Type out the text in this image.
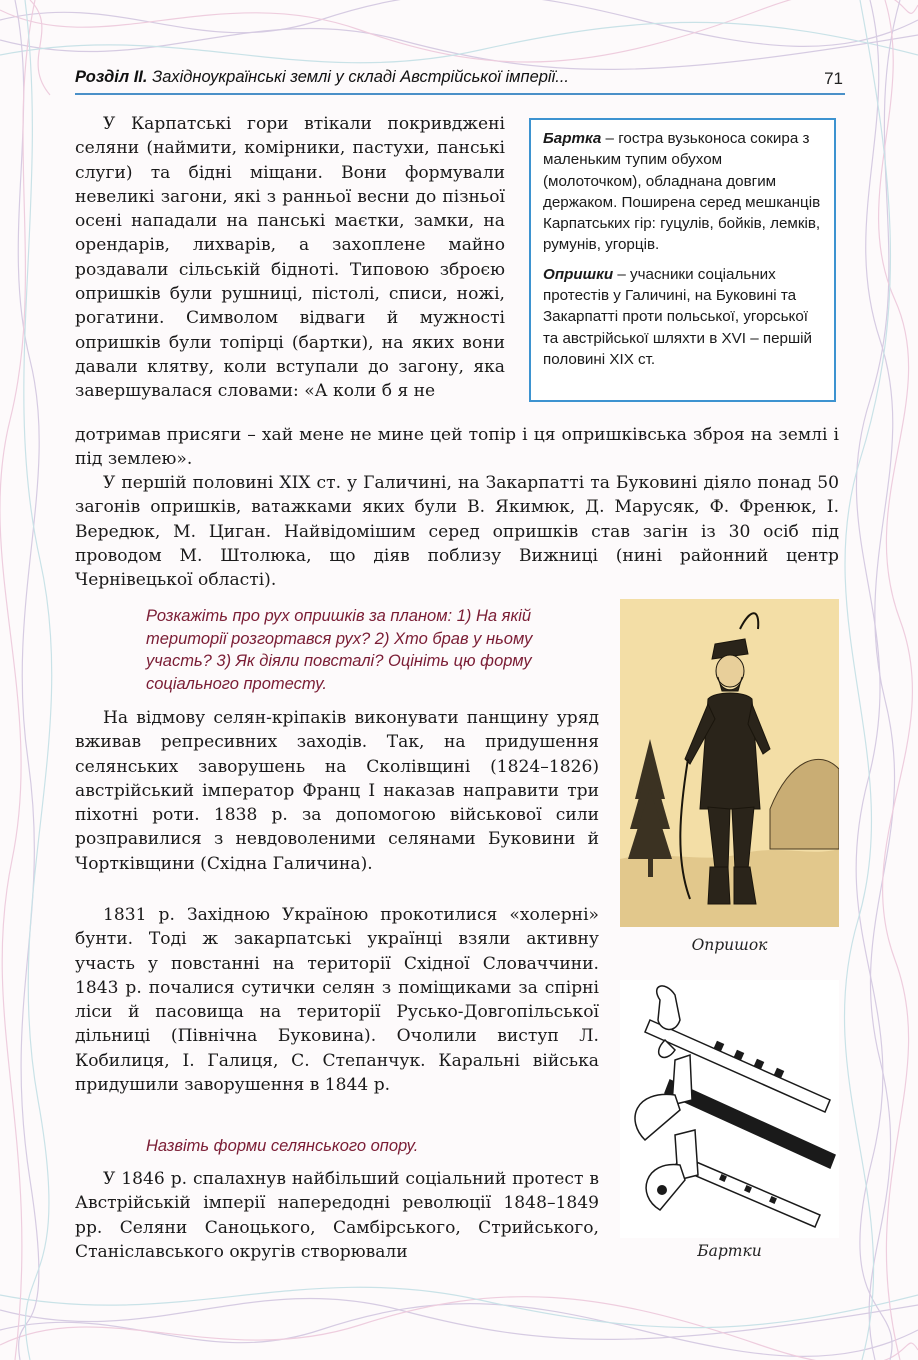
Розділ II. Західноукраїнські землі у складі Австрійської імперії...	71

У Карпатські гори втікали покривджені селяни (наймити, комірники, пастухи, панські слуги) та бідні міщани. Вони формували невеликі загони, які з ранньої весни до пізньої осені нападали на панські маєтки, замки, на орендарів, лихварів, а захоплене майно роздавали сільській бідноті. Типовою зброєю опришків були рушниці, пістолі, списи, ножі, рогатини. Символом відваги й мужності опришків були топірці (бартки), на яких вони давали клятву, коли вступали до загону, яка завершувалася словами: «А коли б я не

дотримав присяги – хай мене не мине цей топір і ця опришківська зброя на землі і під землею».

Бартка – гостра вузьконоса сокира з маленьким тупим обухом (молоточком), обладнана довгим держаком. Поширена серед мешканців Карпатських гір: гуцулів, бойків, лемків, румунів, угорців.

Опришки – учасники соціальних протестів у Галичині, на Буковині та Закарпатті проти польської, угорської та австрійської шляхти в XVI – першій половині XIX ст.

У першій половині XIX ст. у Галичині, на Закарпатті та Буковині діяло понад 50 загонів опришків, ватажками яких були В. Якимюк, Д. Марусяк, Ф. Френюк, І. Вередюк, М. Циган. Найвідомішим серед опришків став загін із 30 осіб під проводом М. Штолюка, що діяв поблизу Вижниці (нині районний центр Чернівецької області).

Розкажіть про рух опришків за планом: 1) На якій території розгортався рух? 2) Хто брав у ньому участь? 3) Як діяли повсталі? Оцініть цю форму соціального протесту.

На відмову селян-кріпаків виконувати панщину уряд вживав репресивних заходів. Так, на придушення селянських заворушень на Сколівщині (1824–1826) австрійський імператор Франц І наказав направити три піхотні роти. 1838 р. за допомогою військової сили розправилися з невдоволеними селянами Буковини й Чортківщини (Східна Галичина).

1831 р. Західною Україною прокотилися «холерні» бунти. Тоді ж закарпатські українці взяли активну участь у повстанні на території Східної Словаччини. 1843 р. почалися сутички селян з поміщиками за спірні ліси й пасовища на території Русько-Довгопільської дільниці (Північна Буковина). Очолили виступ Л. Кобилиця, І. Галиця, С. Степанчук. Каральні війська придушили заворушення в 1844 р.

Назвіть форми селянського опору.

У 1846 р. спалахнув найбільший соціальний протест в Австрійській імперії напередодні революції 1848–1849 рр. Селяни Саноцького, Самбірського, Стрийського, Станіславського округів створювали

Опришок
Бартки
